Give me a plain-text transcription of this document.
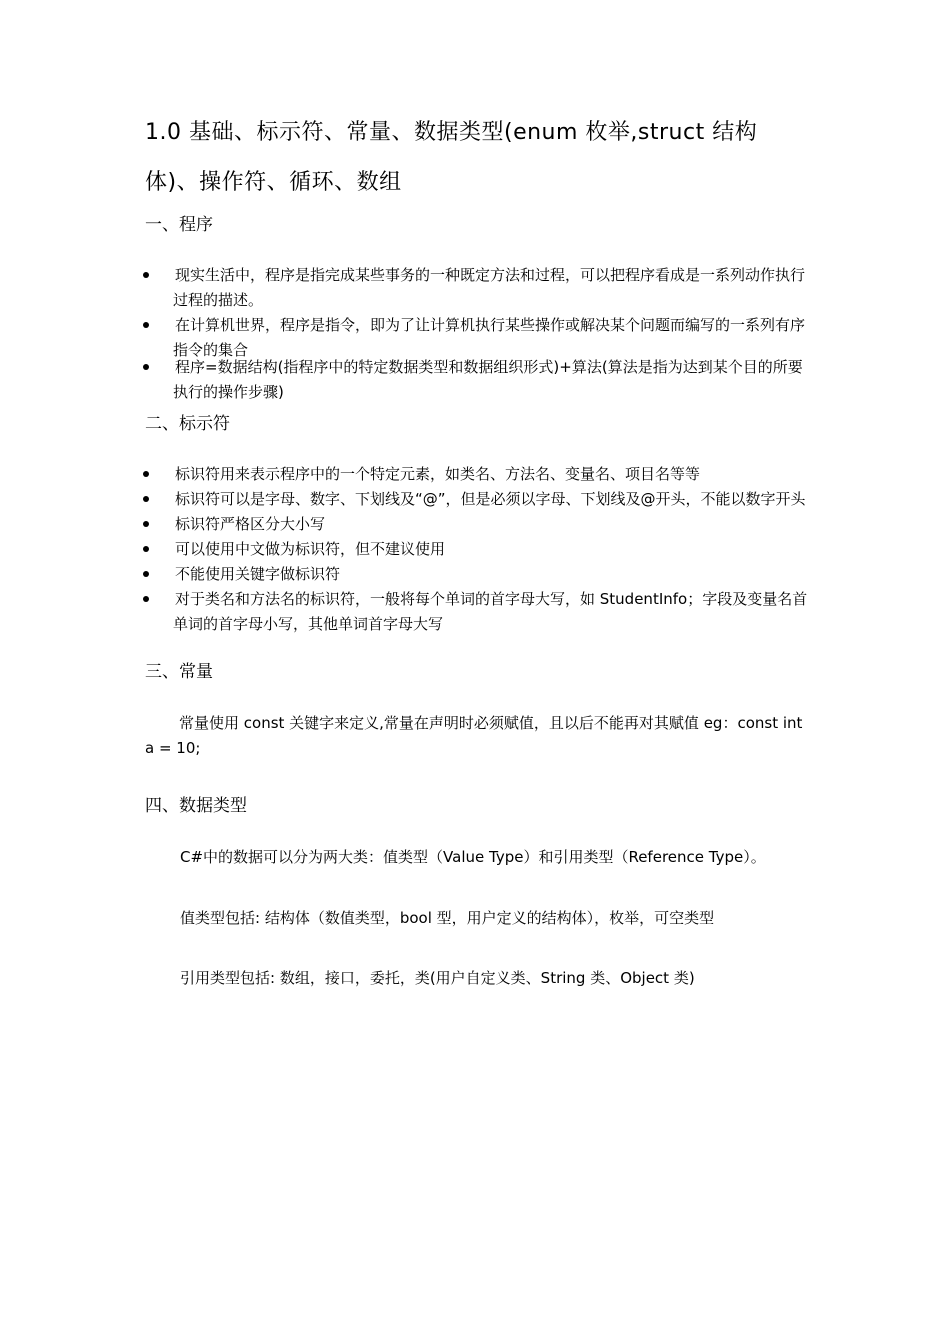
1.0 基础、标示符、常量、数据类型(enum 枚举,struct 结构体)、操作符、循环、数组
一、程序
现实生活中，程序是指完成某些事务的一种既定方法和过程，可以把程序看成是一系列动作执行过程的描述。
在计算机世界，程序是指令，即为了让计算机执行某些操作或解决某个问题而编写的一系列有序指令的集合
程序=数据结构(指程序中的特定数据类型和数据组织形式)+算法(算法是指为达到某个目的所要执行的操作步骤)
二、标示符
标识符用来表示程序中的一个特定元素，如类名、方法名、变量名、项目名等等
标识符可以是字母、数字、下划线及“@”，但是必须以字母、下划线及@开头，不能以数字开头
标识符严格区分大小写
可以使用中文做为标识符，但不建议使用
不能使用关键字做标识符
对于类名和方法名的标识符，一般将每个单词的首字母大写，如 StudentInfo；字段及变量名首单词的首字母小写，其他单词首字母大写
三、常量

常量使用 const 关键字来定义,常量在声明时必须赋值，且以后不能再对其赋值 eg：const int a = 10;

四、数据类型

C#中的数据可以分为两大类：值类型（Value Type）和引用类型（Reference Type）。

值类型包括: 结构体（数值类型，bool 型，用户定义的结构体），枚举，可空类型

引用类型包括: 数组，接口，委托，类(用户自定义类、String 类、Object 类)
